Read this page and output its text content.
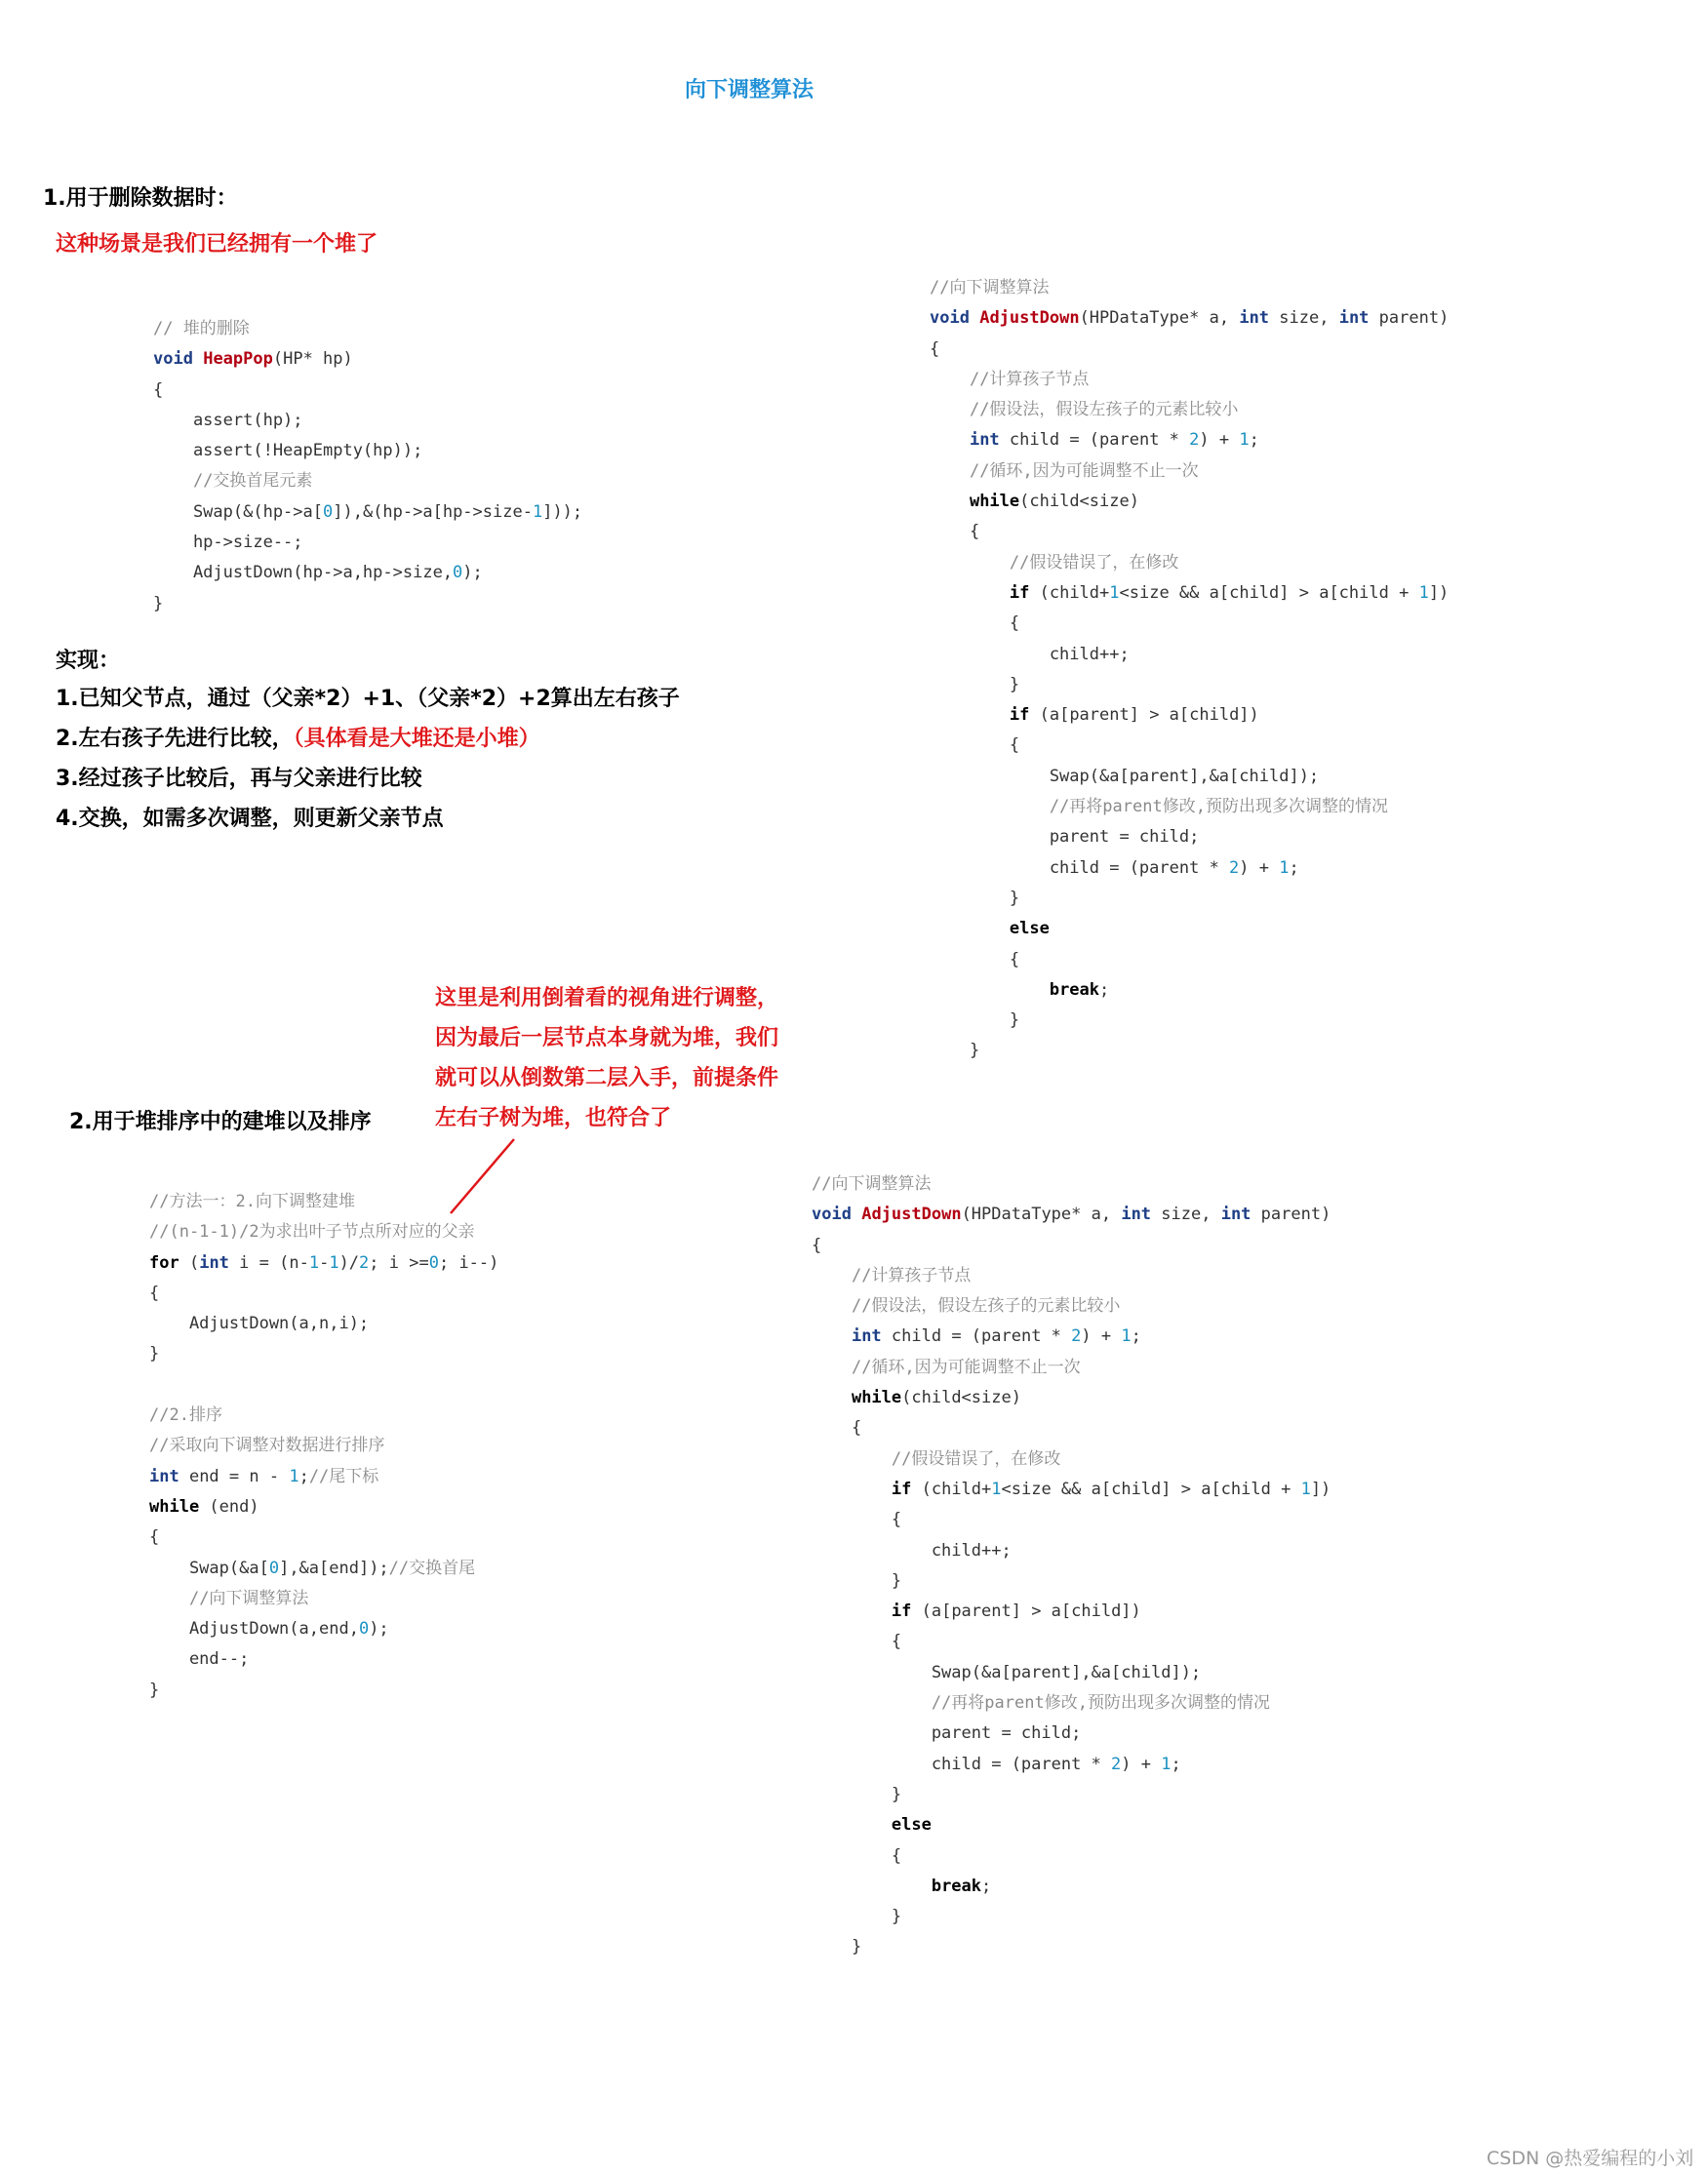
向下调整算法
1.用于删除数据时：
这种场景是我们已经拥有一个堆了
// 堆的删除
void HeapPop(HP* hp)
{
assert(hp);
assert(!HeapEmpty(hp));
//交换首尾元素
Swap(&(hp->a[0]),&(hp->a[hp->size-1]));
hp->size--;
AdjustDown(hp->a,hp->size,0);
}
实现：
1.已知父节点，通过（父亲*2）+1、（父亲*2）+2算出左右孩子
2.左右孩子先进行比较，（具体看是大堆还是小堆）
3.经过孩子比较后，再与父亲进行比较
4.交换，如需多次调整，则更新父亲节点
//向下调整算法
void AdjustDown(HPDataType* a, int size, int parent)
{
//计算孩子节点
//假设法，假设左孩子的元素比较小
int child = (parent * 2) + 1;
//循环,因为可能调整不止一次
while(child<size)
{
//假设错误了，在修改
if (child+1<size && a[child] > a[child + 1])
{
child++;
}
if (a[parent] > a[child])
{
Swap(&a[parent],&a[child]);
//再将parent修改,预防出现多次调整的情况
parent = child;
child = (parent * 2) + 1;
}
else
{
break;
}
}
这里是利用倒着看的视角进行调整，
因为最后一层节点本身就为堆，我们
就可以从倒数第二层入手，前提条件
左右子树为堆，也符合了
2.用于堆排序中的建堆以及排序
//方法一：2.向下调整建堆
//(n-1-1)/2为求出叶子节点所对应的父亲
for (int i = (n-1-1)/2; i >=0; i--)
{
AdjustDown(a,n,i);
}

//2.排序
//采取向下调整对数据进行排序
int end = n - 1;//尾下标
while (end)
{
Swap(&a[0],&a[end]);//交换首尾
//向下调整算法
AdjustDown(a,end,0);
end--;
}
//向下调整算法
void AdjustDown(HPDataType* a, int size, int parent)
{
//计算孩子节点
//假设法，假设左孩子的元素比较小
int child = (parent * 2) + 1;
//循环,因为可能调整不止一次
while(child<size)
{
//假设错误了，在修改
if (child+1<size && a[child] > a[child + 1])
{
child++;
}
if (a[parent] > a[child])
{
Swap(&a[parent],&a[child]);
//再将parent修改,预防出现多次调整的情况
parent = child;
child = (parent * 2) + 1;
}
else
{
break;
}
}
CSDN @热爱编程的小刘
